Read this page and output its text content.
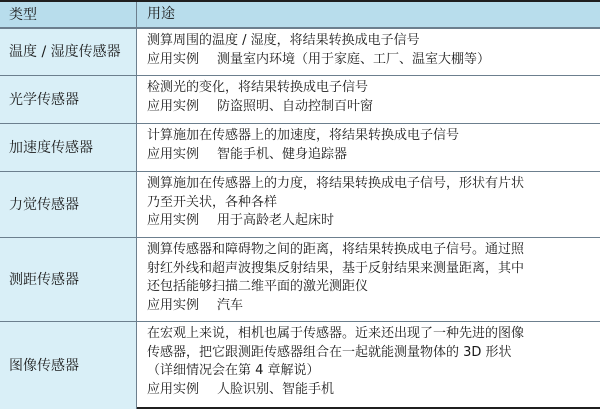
类型	用途
温度 / 湿度传感器
测算周围的温度 / 湿度，将结果转换成电子信号
应用实例 测量室内环境（用于家庭、工厂、温室大棚等）
光学传感器
检测光的变化，将结果转换成电子信号
应用实例 防盗照明、自动控制百叶窗
加速度传感器
计算施加在传感器上的加速度，将结果转换成电子信号
应用实例 智能手机、健身追踪器
力觉传感器
测算施加在传感器上的力度，将结果转换成电子信号，形状有片状
乃至开关状，各种各样
应用实例 用于高龄老人起床时
测距传感器
测算传感器和障碍物之间的距离，将结果转换成电子信号。通过照
射红外线和超声波搜集反射结果，基于反射结果来测量距离，其中
还包括能够扫描二维平面的激光测距仪
应用实例 汽车
图像传感器
在宏观上来说，相机也属于传感器。近来还出现了一种先进的图像
传感器，把它跟测距传感器组合在一起就能测量物体的 3D 形状
（详细情况会在第 4 章解说）
应用实例 人脸识别、智能手机
